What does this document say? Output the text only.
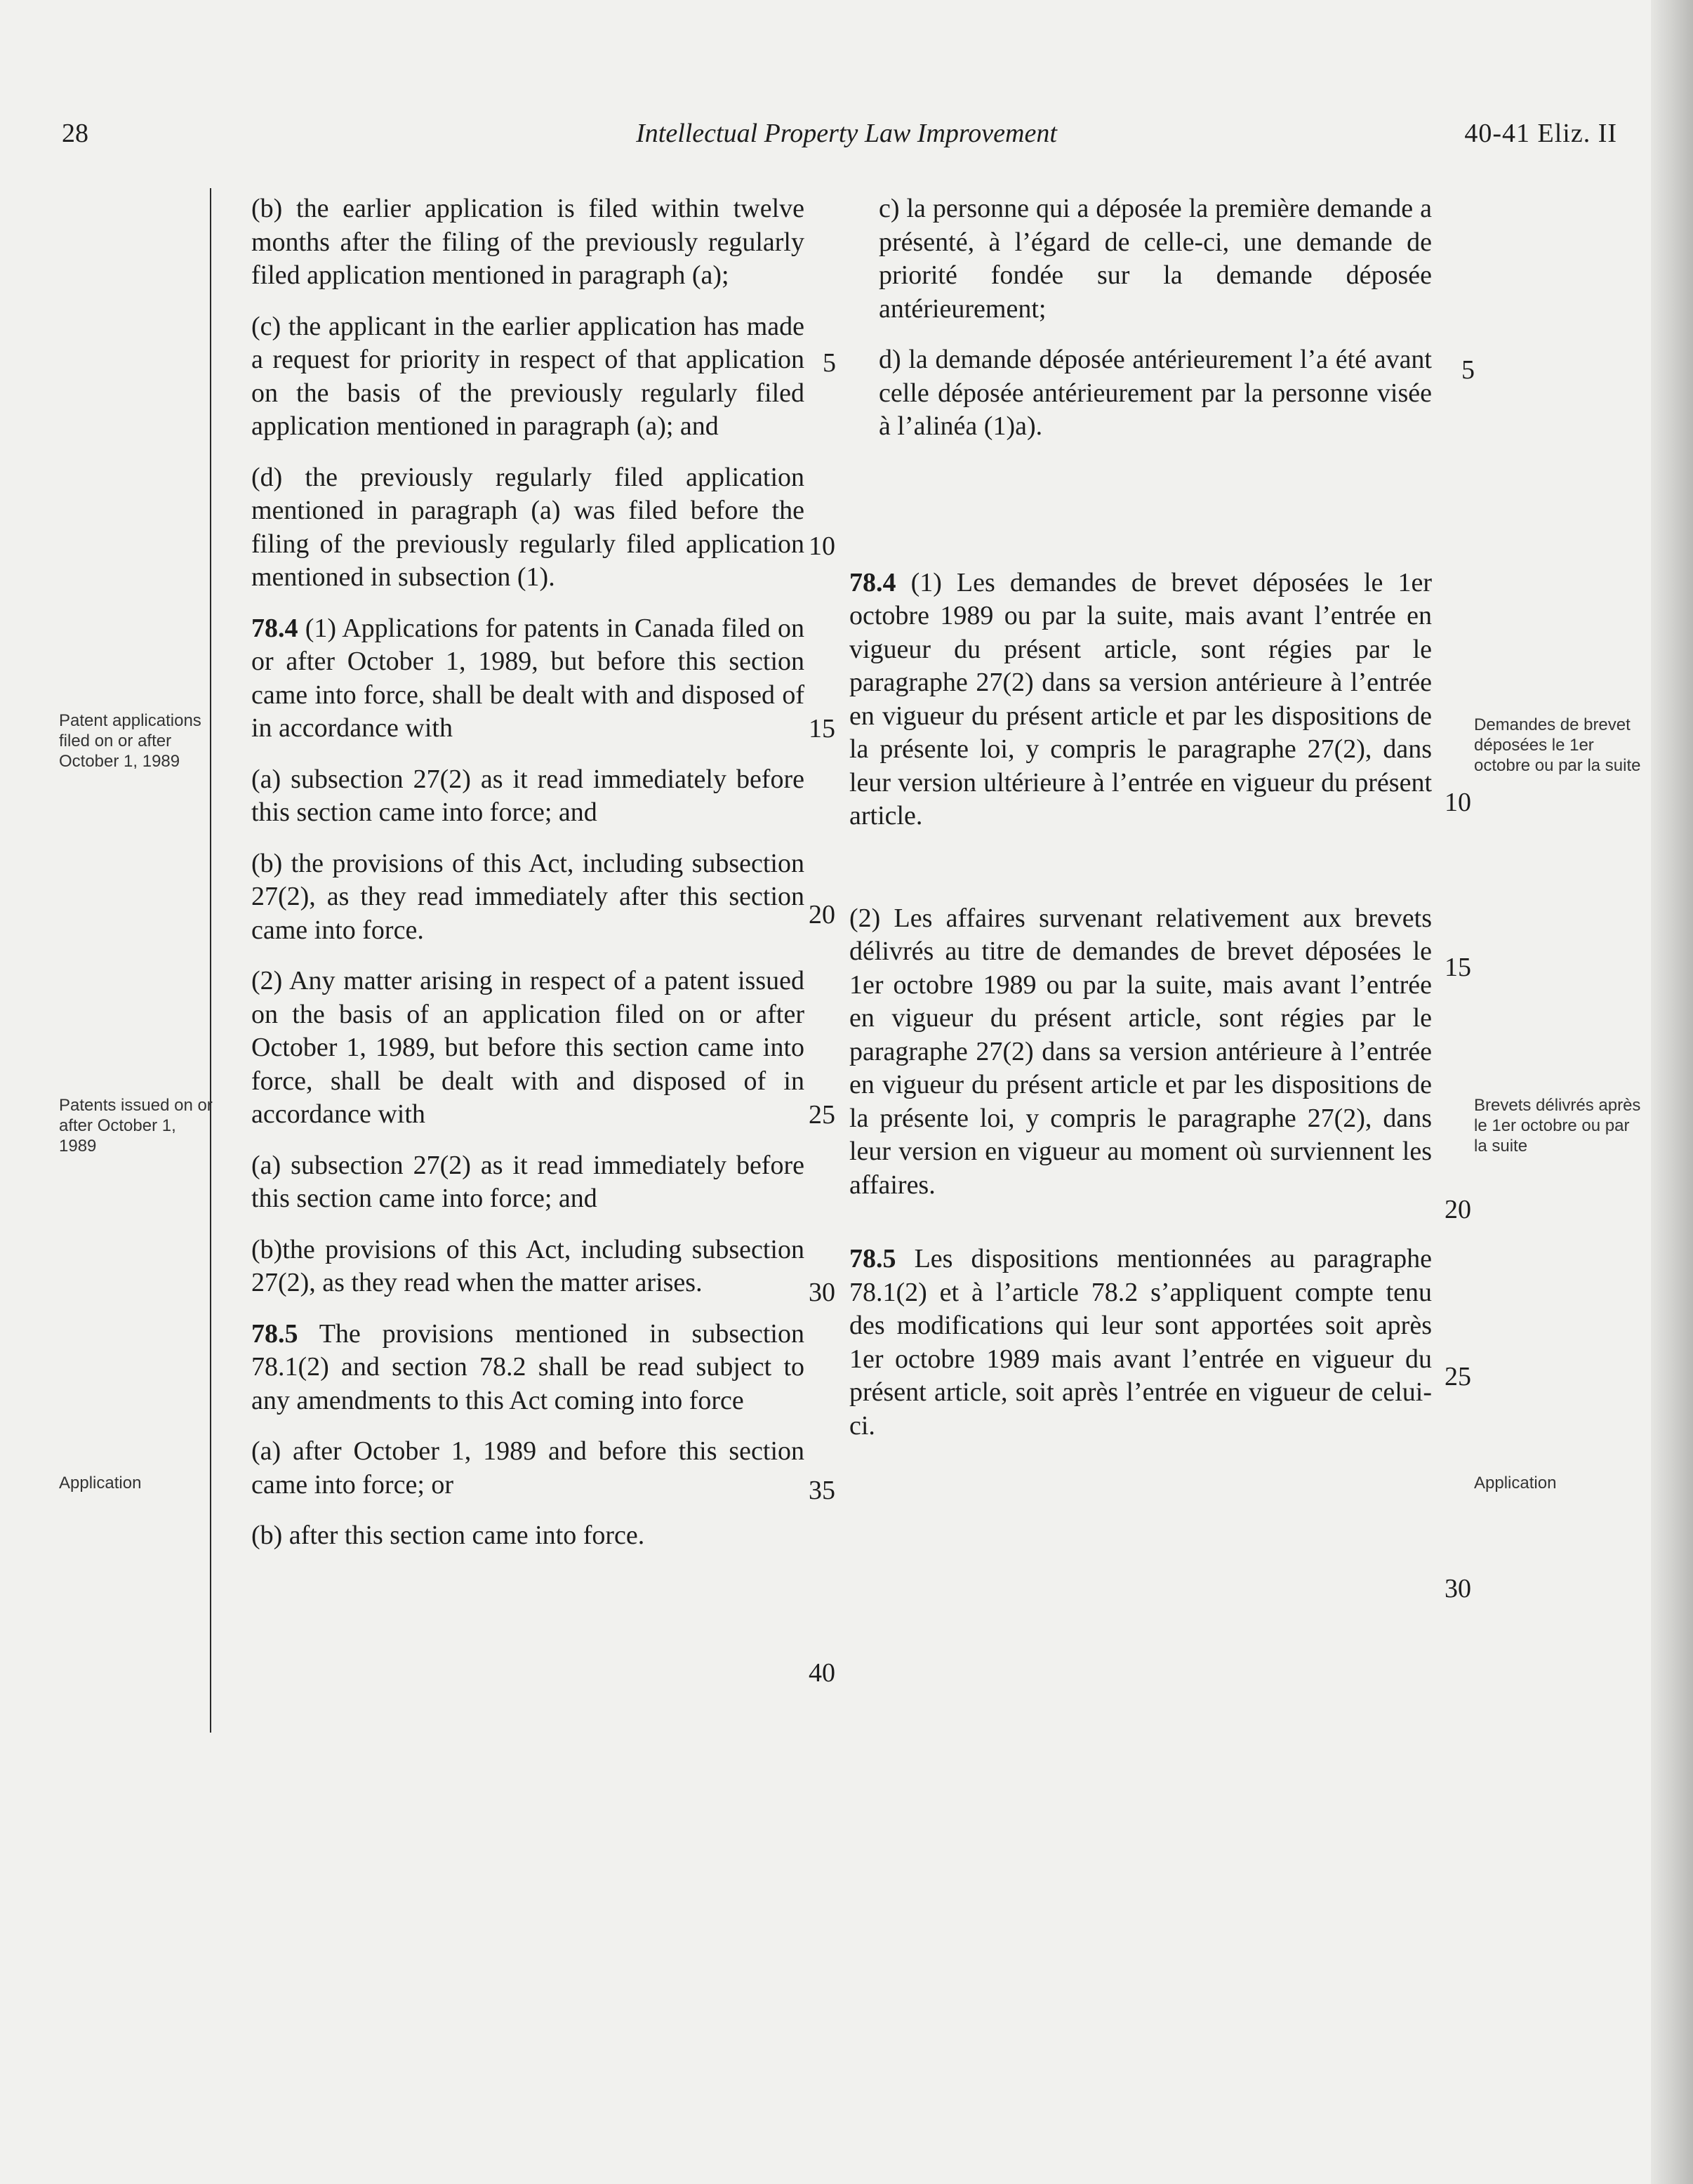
28	Intellectual Property Law Improvement	40-41 Eliz. II

(b) the earlier application is filed within twelve months after the filing of the previously regularly filed application mentioned in paragraph (a);

(c) the applicant in the earlier application has made a request for priority in respect of that application on the basis of the previously regularly filed application mentioned in paragraph (a); and

(d) the previously regularly filed application mentioned in paragraph (a) was filed before the filing of the previously regularly filed application mentioned in subsection (1).

78.4 (1) Applications for patents in Canada filed on or after October 1, 1989, but before this section came into force, shall be dealt with and disposed of in accordance with

(a) subsection 27(2) as it read immediately before this section came into force; and

(b) the provisions of this Act, including subsection 27(2), as they read immediately after this section came into force.

(2) Any matter arising in respect of a patent issued on the basis of an application filed on or after October 1, 1989, but before this section came into force, shall be dealt with and disposed of in accordance with

(a) subsection 27(2) as it read immediately before this section came into force; and

(b)the provisions of this Act, including subsection 27(2), as they read when the matter arises.

78.5 The provisions mentioned in subsection 78.1(2) and section 78.2 shall be read subject to any amendments to this Act coming into force

(a) after October 1, 1989 and before this section came into force; or

(b) after this section came into force.

c) la personne qui a déposée la première demande a présenté, à l’égard de celle-ci, une demande de priorité fondée sur la demande déposée antérieurement;

d) la demande déposée antérieurement l’a été avant celle déposée antérieurement par la personne visée à l’alinéa (1)a).

78.4 (1) Les demandes de brevet déposées le 1er octobre 1989 ou par la suite, mais avant l’entrée en vigueur du présent article, sont régies par le paragraphe 27(2) dans sa version antérieure à l’entrée en vigueur du présent article et par les dispositions de la présente loi, y compris le paragraphe 27(2), dans leur version ultérieure à l’entrée en vigueur du présent article.

(2) Les affaires survenant relativement aux brevets délivrés au titre de demandes de brevet déposées le 1er octobre 1989 ou par la suite, mais avant l’entrée en vigueur du présent article, sont régies par le paragraphe 27(2) dans sa version antérieure à l’entrée en vigueur du présent article et par les dispositions de la présente loi, y compris le paragraphe 27(2), dans leur version en vigueur au moment où surviennent les affaires.

78.5 Les dispositions mentionnées au paragraphe 78.1(2) et à l’article 78.2 s’appliquent compte tenu des modifications qui leur sont apportées soit après 1er octobre 1989 mais avant l’entrée en vigueur du présent article, soit après l’entrée en vigueur de celui-ci.

5
10
15
20
25
30
35
40
5
10
15
20
25
30
Patent applications filed on or after October 1, 1989
Patents issued on or after October 1, 1989
Application
Demandes de brevet déposées le 1er octobre ou par la suite
Brevets délivrés après le 1er octobre ou par la suite
Application
